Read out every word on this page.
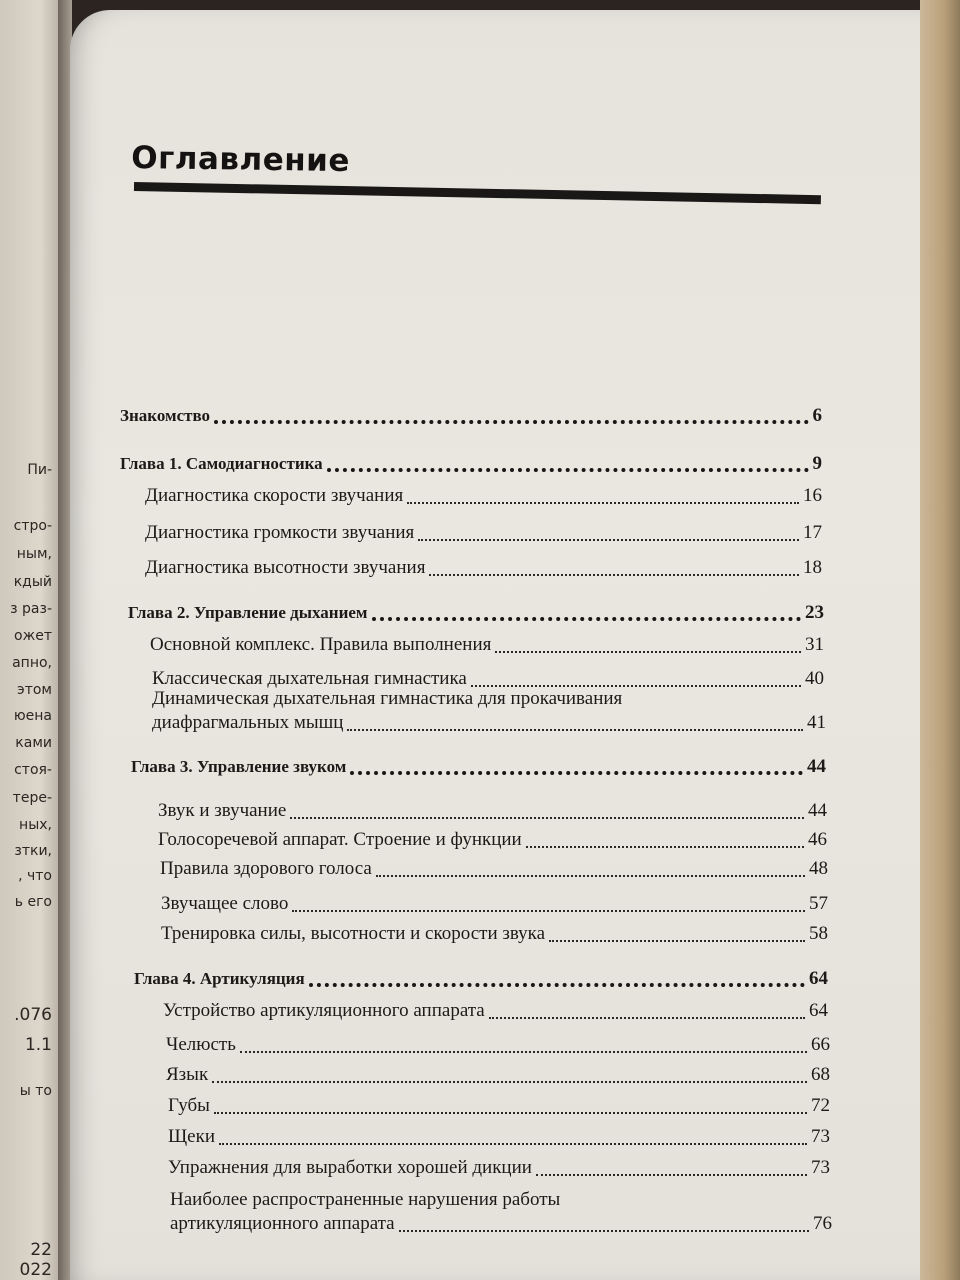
Пи-
стро-
ным,
кдый
з раз-
ожет
апно,
этом
юена
ками
стоя-
тере-
ных,
зтки,
, что
ь его
.076
1.1
ы то
22
022
Оглавление
Знакомство	6
Глава 1. Самодиагностика	9
Диагностика скорости звучания	16
Диагностика громкости звучания	17
Диагностика высотности звучания	18
Глава 2. Управление дыханием	23
Основной комплекс. Правила выполнения	31
Классическая дыхательная гимнастика	40
Динамическая дыхательная гимнастика для прокачивания
диафрагмальных мышц	41
Глава 3. Управление звуком	44
Звук и звучание	44
Голосоречевой аппарат. Строение и функции	46
Правила здорового голоса	48
Звучащее слово	57
Тренировка силы, высотности и скорости звука	58
Глава 4. Артикуляция	64
Устройство артикуляционного аппарата	64
Челюсть	66
Язык	68
Губы	72
Щеки	73
Упражнения для выработки хорошей дикции	73
Наиболее распространенные нарушения работы
артикуляционного аппарата	76
